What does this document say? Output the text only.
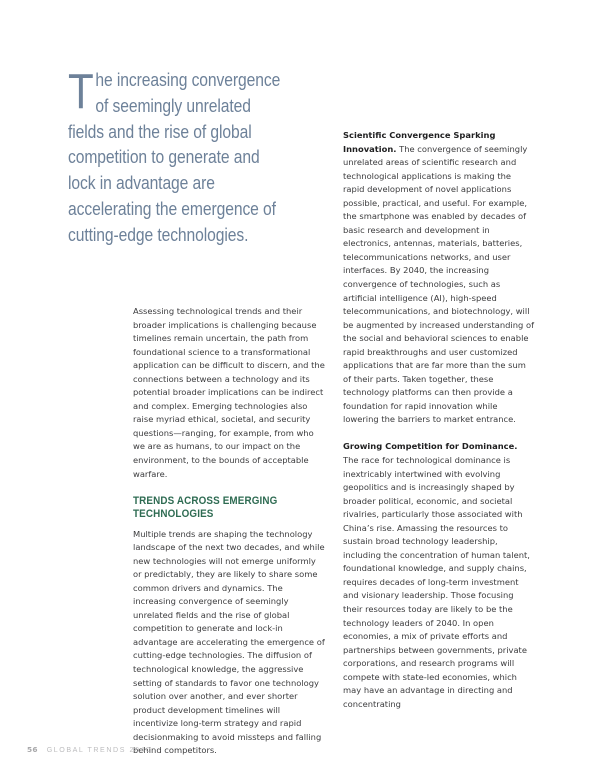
T he increasing convergence of seemingly unrelated fields and the rise of global competition to generate and lock in advantage are accelerating the emergence of cutting-edge technologies.

Assessing technological trends and their broader implications is challenging because timelines remain uncertain, the path from foundational science to a transformational application can be difficult to discern, and the connections between a technology and its potential broader implications can be indirect and complex. Emerging technologies also raise myriad ethical, societal, and security questions—ranging, for example, from who we are as humans, to our impact on the environment, to the bounds of acceptable warfare.

TRENDS ACROSS EMERGING TECHNOLOGIES

Multiple trends are shaping the technology landscape of the next two decades, and while new technologies will not emerge uniformly or predictably, they are likely to share some common drivers and dynamics. The increasing convergence of seemingly unrelated fields and the rise of global competition to generate and lock-in advantage are accelerating the emergence of cutting-edge technologies. The diffusion of technological knowledge, the aggressive setting of standards to favor one technology solution over another, and ever shorter product development timelines will incentivize long-term strategy and rapid decisionmaking to avoid missteps and falling behind competitors.

Scientific Convergence Sparking Innovation. The convergence of seemingly unrelated areas of scientific research and technological applications is making the rapid development of novel applications possible, practical, and useful. For example, the smartphone was enabled by decades of basic research and development in electronics, antennas, materials, batteries, telecommunications networks, and user interfaces. By 2040, the increasing convergence of technologies, such as artificial intelligence (AI), high-speed telecommunications, and biotechnology, will be augmented by increased understanding of the social and behavioral sciences to enable rapid breakthroughs and user customized applications that are far more than the sum of their parts. Taken together, these technology platforms can then provide a foundation for rapid innovation while lowering the barriers to market entrance.

Growing Competition for Dominance. The race for technological dominance is inextricably intertwined with evolving geopolitics and is increasingly shaped by broader political, economic, and societal rivalries, particularly those associated with China’s rise. Amassing the resources to sustain broad technology leadership, including the concentration of human talent, foundational knowledge, and supply chains, requires decades of long-term investment and visionary leadership. Those focusing their resources today are likely to be the technology leaders of 2040. In open economies, a mix of private efforts and partnerships between governments, private corporations, and research programs will compete with state-led economies, which may have an advantage in directing and concentrating

56 GLOBAL TRENDS 2040
